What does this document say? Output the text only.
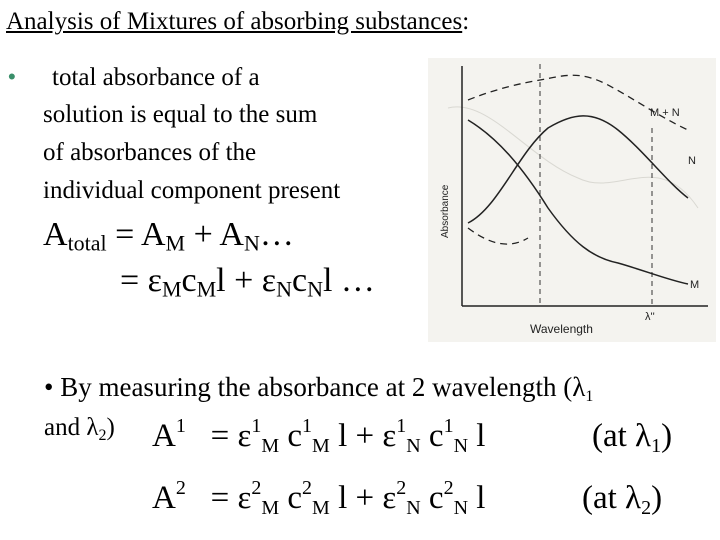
Analysis of Mixtures of absorbing substances:
• total absorbance of a
solution is equal to the sum
of absorbances of the
individual component present
$A_{total} = A_M$ + $A_N\dots$
= $\varepsilon_Mc_Ml + \varepsilon_Nc_Nl$ …
• By measuring the absorbance at 2 wavelength ($\lambda_1$
and $\lambda_2$) $A^1 = \varepsilon^1_M$ $c^1_M$ $l + \varepsilon^1_N$ $c^1_N$ l	(at $\lambda_1$)
$A^2 = \varepsilon^2_M$ $c^2_M$ $l + \varepsilon^2_N$ $c^2_N$ l	(at $\lambda_2$)
M + N
N
M
λ''
Wavelength
Absorbance
